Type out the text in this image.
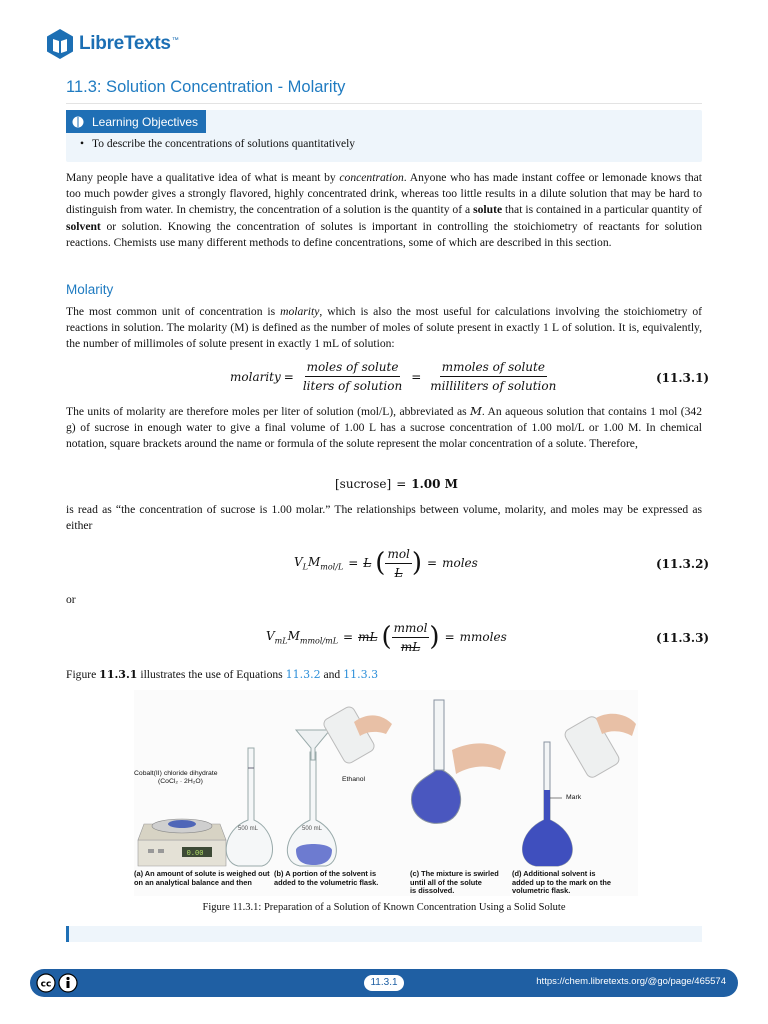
LibreTexts ™
11.3: Solution Concentration - Molarity
Learning Objectives
• To describe the concentrations of solutions quantitatively

Many people have a qualitative idea of what is meant by concentration. Anyone who has made instant coffee or lemonade knows that too much powder gives a strongly flavored, highly concentrated drink, whereas too little results in a dilute solution that may be hard to distinguish from water. In chemistry, the concentration of a solution is the quantity of a solute that is contained in a particular quantity of solvent or solution. Knowing the concentration of solutes is important in controlling the stoichiometry of reactants for solution reactions. Chemists use many different methods to define concentrations, some of which are described in this section.

Molarity

The most common unit of concentration is molarity, which is also the most useful for calculations involving the stoichiometry of reactions in solution. The molarity (M) is defined as the number of moles of solute present in exactly 1 L of solution. It is, equivalently, the number of millimoles of solute present in exactly 1 mL of solution:

molarity = $\frac{\text{moles of solute}}{\text{liters of solution}} = \frac{\text{mmoles of solute}}{\text{milliliters of solution}}$	(11.3.1)

The units of molarity are therefore moles per liter of solution (mol/L), abbreviated as M. An aqueous solution that contains 1 mol (342 g) of sucrose in enough water to give a final volume of 1.00 L has a sucrose concentration of 1.00 mol/L or 1.00 M. In chemical notation, square brackets around the name or formula of the solute represent the molar concentration of a solute. Therefore,

[sucrose] = 1.00 M

is read as “the concentration of sucrose is 1.00 molar.” The relationships between volume, molarity, and moles may be expressed as either

$V_LM_{mol/L} = L$ ( $\frac{\text{mol}}{L}$ ) = moles	(11.3.2)
or
$V_{mL}M_{mmol/mL}$ = mL ( $\frac{\text{mmol}}{mL}$ ) = mmoles	(11.3.3)

Figure 11.3.1 illustrates the use of Equations 11.3.2 and 11.3.3

0.00
Cobalt(II) chloride dihydrate
(CoCl₂ · 2H₂O)	Ethanol
Mark
500 mL	500 mL
(a) An amount of solute is weighed out
on an analytical balance and then
(b) A portion of the solvent is
added to the volumetric flask.
(c) The mixture is swirled
until all of the solute
is dissolved.
(d) Additional solvent is
added up to the mark on the
volumetric flask.
Figure 11.3.1: Preparation of a Solution of Known Concentration Using a Solid Solute
cc	11.3.1	https://chem.libretexts.org/@go/page/465574
